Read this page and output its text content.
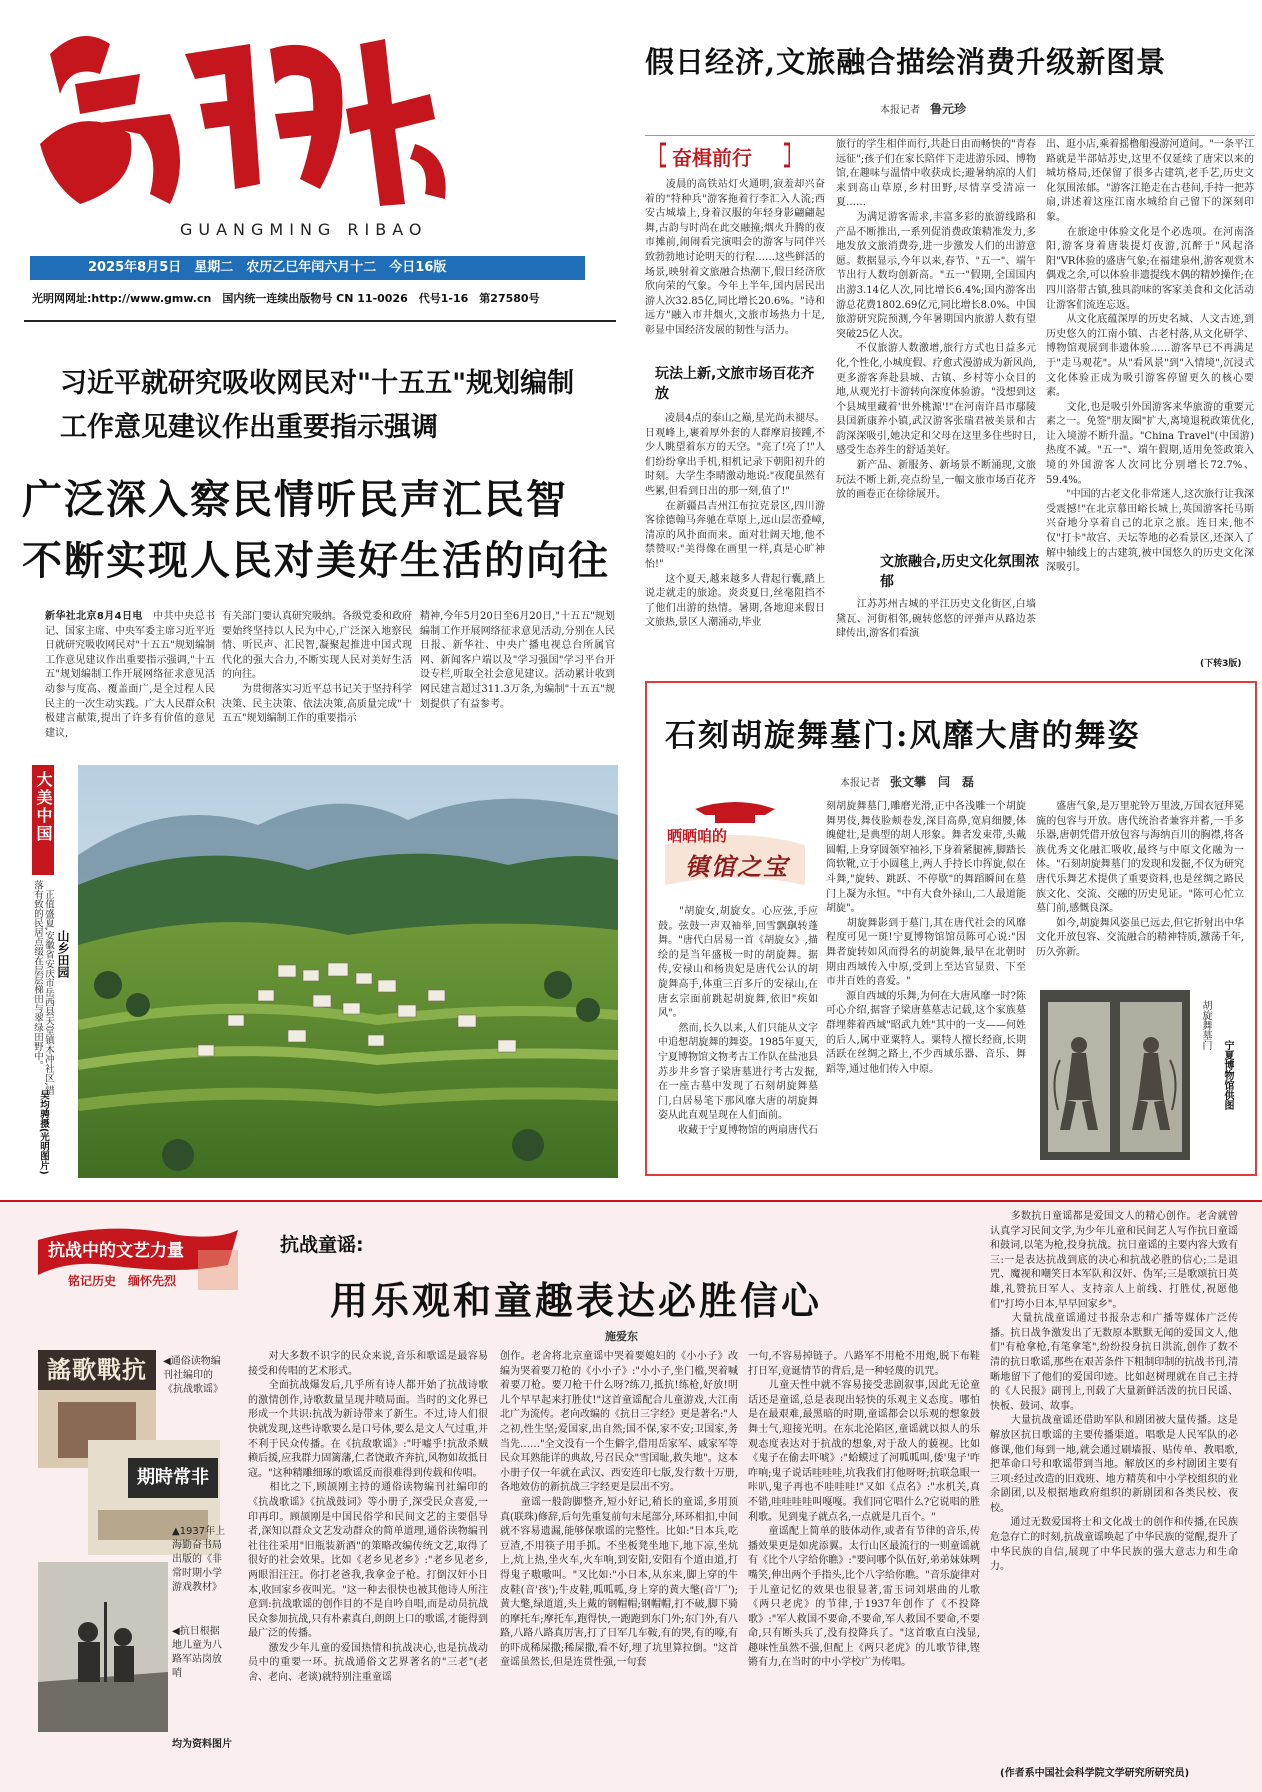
GUANGMING RIBAO
2025年8月5日　星期二　农历乙巳年闰六月十二　今日16版
光明网网址:http://www.gmw.cn　国内统一连续出版物号 CN 11-0026　代号1-16　第27580号
假日经济,文旅融合描绘消费升级新图景
本报记者　 鲁元珍
奋楫前行
　　凌晨的高铁站灯火通明,寂羞却兴奋着的"特种兵"游客拖着行李汇入人流;西安古城墙上,身着汉服的年轻身影翩翩起舞,古韵与时尚在此交融撞;烟火升腾的夜市摊前,闹闹看完演唱会的游客与同伴兴致勃勃地讨论明天的行程……这些鲜活的场景,映射着文旅融合热潮下,假日经济欣欣向荣的气象。今年上半年,国内居民出游人次32.85亿,同比增长20.6%。"诗和远方"融入市井烟火,文旅市场热力十足,彰显中国经济发展的韧性与活力。
玩法上新,文旅市场百花齐放
　　凌晨4点的泰山之巅,星光尚未褪尽。日观峰上,裹着厚外套的人群摩肩接踵,不少人眺望着东方的天空。"亮了!亮了!"人们纷纷拿出手机,相机记录下朝阳初升的时刻。大学生李晴激动地说:"夜爬虽然有些累,但看到日出的那一刻,值了!"
　　在新疆昌吉州江布拉克景区,四川游客徐德翰马奔驰在草原上,远山层峦叠嶂,清凉的风扑面而来。面对壮阔天地,他不禁赞叹:"美得像在画里一样,真是心旷神怡!"
　　这个夏天,越来越多人背起行囊,踏上说走就走的旅途。炎炎夏日,丝毫阻挡不了他们出游的热情。暑期,各地迎来假日文旅热,景区人潮涌动,毕业
旅行的学生相伴而行,共赴日由而畅快的"青春远征";孩子们在家长陪伴下走进游乐园、博物馆,在趣味与温情中收获成长;避暑纳凉的人们来到高山草原,乡村田野,尽情享受清凉一夏……
　　为满足游客需求,丰富多彩的旅游线路和产品不断推出,一系列促消费政策精准发力,多地发放文旅消费券,进一步激发人们的出游意愿。数据显示,今年以来,春节、"五一"、端午节出行人数均创新高。"五一"假期,全国国内出游3.14亿人次,同比增长6.4%;国内游客出游总花费1802.69亿元,同比增长8.0%。中国旅游研究院预测,今年暑期国内旅游人数有望突破25亿人次。
　　不仅旅游人数激增,旅行方式也日益多元化,个性化,小城度假、疗愈式漫游成为新风尚,更多游客奔赴县城、古镇、乡村等小众目的地,从观光打卡游转向深度体验游。"没想到这个县城里藏着'世外桃源'!"在河南许昌市鄢陵县国新康养小镇,武汉游客张瑞君被美景和古韵深深吸引,她决定和父母在这里多住些时日,感受生态养生的舒适美好。
　　新产品、新服务、新场景不断涌现,文旅玩法不断上新,亮点纷呈,一幅文旅市场百花齐放的画卷正在徐徐展开。
文旅融合,历史文化氛围浓郁
　　江苏苏州古城的平江历史文化街区,白墙黛瓦、河街相邻,碗转悠悠的评弹声从路边茶肆传出,游客们看演
出、逛小店,乘着摇橹船漫游河道间。"一条平江路就是半部姑苏史,这里不仅延续了唐宋以来的城坊格局,还保留了很多古建筑,老手艺,历史文化氛围浓郁。"游客江艳走在古巷间,手持一把苏扇,讲述着这座江南水城给自己留下的深刻印象。
　　在旅途中体验文化是个必选项。在河南洛阳,游客身着唐装提灯夜游,沉醉于"风起洛阳"VR体验的盛唐气象;在福建泉州,游客观赏木偶戏之余,可以体验非遗提线木偶的精妙操作;在四川洛带古镇,独具韵味的客家美食和文化活动让游客们流连忘返。
　　从文化底蕴深厚的历史名城、人文古迹,到历史悠久的江南小镇、古老村落,从文化研学、博物馆观展到非遗体验……游客早已不再满足于"走马观花"。从"看风景"到"入情境",沉浸式文化体验正成为吸引游客停留更久的核心要素。
　　文化,也是吸引外国游客来华旅游的重要元素之一。免签"朋友圈"扩大,离境退税政策优化,让入境游不断升温。"China Travel"(中国游)热度不减。"五一"、端午假期,适用免签政策入境的外国游客人次同比分别增长72.7%、59.4%。
　　"中国的古老文化非常迷人,这次旅行让我深受震撼!"在北京慕田峪长城上,英国游客托马斯兴奋地分享着自己的北京之旅。连日来,他不仅"打卡"故宫、天坛等地的必看景区,还深入了解中轴线上的古建筑,被中国悠久的历史文化深深吸引。
(下转3版)
习近平就研究吸收网民对"十五五"规划编制工作意见建议作出重要指示强调
广泛深入察民情听民声汇民智
不断实现人民对美好生活的向往
新华社北京8月4日电　中共中央总书记、国家主席、中央军委主席习近平近日就研究吸收网民对"十五五"规划编制工作意见建议作出重要指示强调,"十五五"规划编制工作开展网络征求意见活动参与度高、覆盖面广,是全过程人民民主的一次生动实践。广大人民群众积极建言献策,提出了许多有价值的意见建议,
有关部门要认真研究吸纳。各级党委和政府要始终坚持以人民为中心,广泛深入地察民情、听民声、汇民智,凝聚起推进中国式现代化的强大合力,不断实现人民对美好生活的向往。
　　为贯彻落实习近平总书记关于坚持科学决策、民主决策、依法决策,高质量完成"十五五"规划编制工作的重要指示
精神,今年5月20日至6月20日,"十五五"规划编制工作开展网络征求意见活动,分别在人民日报、新华社、中央广播电视总台所属官网、新闻客户端以及"学习强国"学习平台开设专栏,听取全社会意见建议。活动累计收到网民建言超过311.3万条,为编制"十五五"规划提供了有益参考。
大美中国
山乡田园
　正值盛夏,安徽省安庆市岳西县天堂镇木冲社区,错落有致的民居点缀在层层梯田与翠绿田野中。
吴均骋摄(光明图片)
石刻胡旋舞墓门:风靡大唐的舞姿
本报记者　 张文攀　闫　磊
晒晒咱的
镇馆之宝
　　"胡旋女,胡旋女。心应弦,手应鼓。弦鼓一声双袖举,回雪飘飖转蓬舞。"唐代白居易一首《胡旋女》,描绘的是当年盛极一时的胡旋舞。据传,安禄山和杨贵妃是唐代公认的胡旋舞高手,体重三百多斤的安禄山,在唐玄宗面前跳起胡旋舞,依旧"疾如风"。
　　然而,长久以来,人们只能从文字中追想胡旋舞的舞姿。1985年夏天,宁夏博物馆文物考古工作队在盐池县苏步井乡窨子梁唐墓进行考古发掘,在一座古墓中发现了石刻胡旋舞墓门,白居易笔下那风靡大唐的胡旋舞姿从此直观呈现在人们面前。
　　收藏于宁夏博物馆的两扇唐代石
刻胡旋舞墓门,雕磨光滑,正中各浅雕一个胡旋舞男伎,舞伎脸颊卷发,深目高鼻,宽肩细腰,体魄健壮,是典型的胡人形象。舞者发束带,头戴圆帽,上身穿圆领窄袖衫,下身着紧腿裤,脚踏长筒软靴,立于小圆毯上,两人手持长巾挥旋,似在斗舞,"旋转、跳跃、不停歇"的舞蹈瞬间在墓门上凝为永恒。"中有大食外禄山,二人最道能胡旋"。
　　胡旋舞影到于墓门,其在唐代社会的风靡程度可见一斑!宁夏博物馆馆员陈可心说:"因舞者旋转如风而得名的胡旋舞,最早在北朝时期由西域传入中原,受到上至达官显贵、下至市井百姓的喜爱。"
　　源自西域的乐舞,为何在大唐风靡一时?陈可心介绍,据窨子梁唐墓墓志记载,这个家族墓群埋葬着西域"昭武九姓"其中的一支——何姓的后人,属中亚粟特人。粟特人擅长经商,长期活跃在丝绸之路上,不少西域乐器、音乐、舞蹈等,通过他们传入中原。
　　盛唐气象,是万里驼铃万里波,万国衣冠拜冕旒的包容与开放。唐代统治者兼容并蓄,一手多乐器,唐朝凭借开放包容与海纳百川的胸襟,将各族优秀文化融汇吸收,最终与中原文化融为一体。"石刻胡旋舞墓门的发现和发掘,不仅为研究唐代乐舞艺术提供了重要资料,也是丝绸之路民族文化、交流、交融的历史见证。"陈可心忙立墓门前,感慨良深。
　　如今,胡旋舞风姿虽已远去,但它折射出中华文化开放包容、交流融合的精神特质,激荡千年,历久弥新。
胡旋舞墓门
宁夏博物馆供图
抗战中的文艺力量
铭记历史　缅怀先烈
抗战童谣:
用乐观和童趣表达必胜信心
施爱东
謠歌戰抗	◀通俗读物编刊社编印的《抗战歌谣》
期時常非
▲1937年上海勤奋书局出版的《非常时期小学游戏教材》
◀抗日根据地儿童为八路军站岗放哨
均为资料图片
　　对大多数不识字的民众来说,音乐和歌谣是最容易接受和传唱的艺术形式。
　　全面抗战爆发后,几乎所有诗人都开始了抗战诗歌的激情创作,诗歌数量呈现井喷局面。当时的文化界已形成一个共识:抗战为新诗带来了新生。不过,诗人们很快就发现,这些诗歌要么是口号体,要么是文人气过重,并不利于民众传播。在《抗敌歌谣》:"吁嘘乎!抗敌杀贼赖后援,应我群力固篱藩,仁者饶敢齐奔抗,风物如故抵日寇。"这种精雕细琢的歌谣反而很难得到传载和传唱。
　　相比之下,顾颉刚主持的通俗读物编刊社编印的《抗战歌谣》《抗战鼓词》等小册子,深受民众喜爱,一印再印。顾颉刚是中国民俗学和民间文艺的主要倡导者,深知以群众文艺发动群众的简单道理,通俗读物编刊社往往采用"旧瓶装新酒"的策略改编传统文艺,取得了很好的社会效果。比如《老乡见老乡》:"老乡见老乡,两眼泪汪汪。你打老爸我,我拿金子枪。打倒汉奸小日本,收回家乡夜叫光。"这一种去很快也被其他诗人所注意到:抗战歌谣的创作目的不是自吟自唱,而是动员抗战民众参加抗战,只有朴素真白,朗朗上口的歌谣,才能得到最广泛的传播。
　　激发少年儿童的爱国热情和抗战决心,也是抗战动员中的重要一环。抗战通俗文艺界著名的"三老"(老舍、老向、老谈)就特别注重童谣
创作。老舍将北京童谣中哭着要媳妇的《小小子》改编为哭着要刀枪的《小小子》:"小小子,坐门槛,哭着喊着要刀枪。要刀枪干什么呀?练刀,抵抗!练枪,好放!明儿个早早起来打胜仗!"这首童谣配合儿童游戏,大江南北广为流传。老向改编的《抗日三字经》更是著名:"人之初,性生坚;爱国家,出自然;国不保,家不安;卫国家,务当先……"全文没有一个生僻字,借用岳家军、戚家军等民众耳熟能详的典故,号召民众"雪国耻,救失地"。这本小册子仅一年就在武汉、西安连印七版,发行数十万册,各地效仿的新抗战三字经更是层出不穷。
　　童谣一般韵脚整齐,短小好记,稍长的童谣,多用顶真(联珠)修辞,后句先重复前句末尾部分,环环相扣,中间就不容易遗漏,能够保歌谣的完整性。比如:"日本兵,吃豆渣,不用筷子用手抓。不坐板凳坐地下,地下凉,坐炕上,炕上热,坐火车,火车响,到安阳,安阳有个道由道,打得鬼子嗷嗷叫。"又比如:"小日本,从东来,脚上穿的牛皮鞋(音'孩');牛皮鞋,呱呱呱,身上穿的黄大氅(音'厂');黄大氅,绿道道,头上戴的钢帽帽;钢帽帽,打不破,脚下骑的摩托车;摩托车,跑得快,一跑跑到东门外;东门外,有八路,八路八路真厉害,打了日军几车鞍,有的哭,有的嚎,有的吓成稀屎撒;稀屎撒,看不好,埋了坑里算拉倒。"这首童谣虽然长,但是连贯性强,一句套
一句,不容易掉链子。八路军不用枪不用炮,脱下布鞋打日军,竟诞情节的背后,是一种轻蔑的讥咒。
　　儿童天性中就不容易接受悲剧叙事,因此无论童话还是童谣,总是表现出轻快的乐观主义态度。哪怕是在最艰难,最黑暗的时期,童谣都会以乐观的想象鼓舞士气,迎接光明。在东北沦陷区,童谣就以拟人的乐观态度表达对于抗战的想象,对于敌人的藐视。比如《鬼子在偷去吓唬》:"蛤蟆过了河呱呱叫,倭'鬼子'咋咋响;鬼子说话哇哇哇,坑我我们打他呀呀;抗联急眼一咔叭,鬼子再也不哇哇哇!"又如《点名》:"水机关,真不错,哇哇哇哇叫嘎嘎。我们同它唱什么?它说唱的胜利歌。见到鬼子就点名,一点就是几百个。"
　　童谣配上简单的肢体动作,或者有节律的音乐,传播效果更是如虎添翼。太行山区最流行的一则童谣就有《比个八字给你瞧》:"要问哪个队伍好,弟弟妹妹咧嘴笑,伸出两个手指头,比个八字给你瞧。"音乐旋律对于儿童记忆的效果也很显著,雷玉词刘堪曲的儿歌《两只老虎》的节律,于1937年创作了《不投降歌》:"军人救国不要命,不要命,军人救国不要命,不要命,只有断头兵了,没有投降兵了。"这首歌直白浅显,趣味性虽然不强,但配上《两只老虎》的儿歌节律,铿锵有力,在当时的中小学校广为传唱。
　　多数抗日童谣都是爱国文人的精心创作。老舍就曾认真学习民间文学,为少年儿童和民间艺人写作抗日童谣和鼓词,以笔为枪,投身抗战。抗日童谣的主要内容大致有三:一是表达抗战到底的决心和抗战必胜的信心;二是诅咒、魔视和嘲笑日本军队和汉奸、伪军;三是歌颂抗日英雄,礼赞抗日军人、支持亲人上前线、打胜仗,祝愿他们"打垮小日本,早早回家乡"。
　　大量抗战童谣通过书报杂志和广播等媒体广泛传播。抗日战争激发出了无数原本默默无闻的爱国文人,他们"有枪拿枪,有笔拿笔",纷纷投身抗日洪流,创作了数不清的抗日歌谣,那些在艰苦条件下粗制印制的抗战书刊,清晰地留下了他们的爱国印迹。比如赵树理就在自己主持的《人民报》副刊上,刊载了大量新鲜活泼的抗日民谣、快板、鼓词、故事。
　　大量抗战童谣还借助军队和剧团被大量传播。这是解放区抗日歌谣的主要传播渠道。唱歌是人民军队的必修课,他们每到一地,就会通过刷墙报、贴传单、教唱歌,把革命口号和歌谣带到当地。解放区的乡村剧团主要有三项:经过改造的旧戏班、地方精英和中小学校组织的业余剧团,以及根据地政府组织的新剧团和各类民校、夜校。
　　通过无数爱国将士和文化战士的创作和传播,在民族危急存亡的时刻,抗战童谣唤起了中华民族的觉醒,提升了中华民族的自信,展现了中华民族的强大意志力和生命力。
(作者系中国社会科学院文学研究所研究员)
